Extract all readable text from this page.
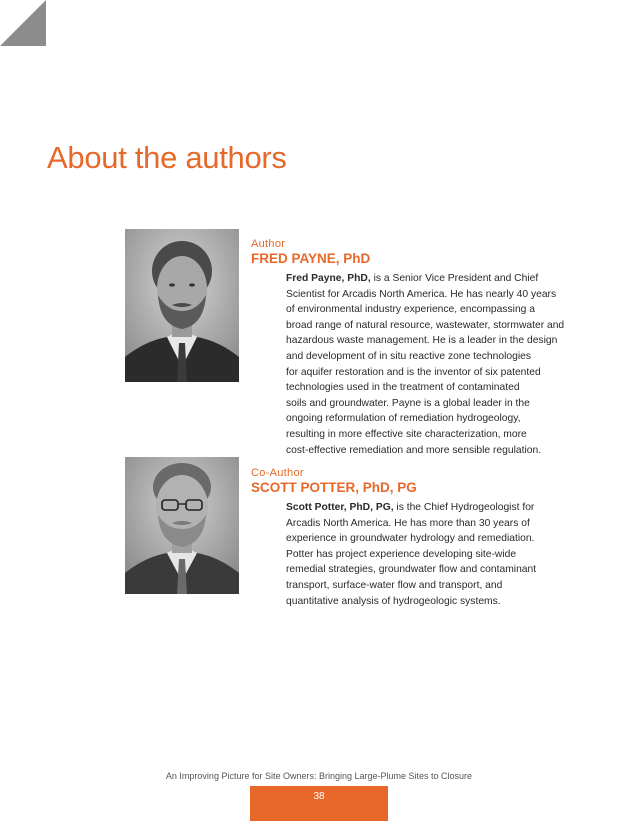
About the authors
Author
FRED PAYNE, PhD
Fred Payne, PhD, is a Senior Vice President and Chief
Scientist for Arcadis North America. He has nearly 40 years
of environmental industry experience, encompassing a
broad range of natural resource, wastewater, stormwater and
hazardous waste management. He is a leader in the design
and development of in situ reactive zone technologies
for aquifer restoration and is the inventor of six patented
technologies used in the treatment of contaminated
soils and groundwater. Payne is a global leader in the
ongoing reformulation of remediation hydrogeology,
resulting in more effective site characterization, more
cost-effective remediation and more sensible regulation.
Co-Author
SCOTT POTTER, PhD, PG
Scott Potter, PhD, PG, is the Chief Hydrogeologist for
Arcadis North America. He has more than 30 years of
experience in groundwater hydrology and remediation.
Potter has project experience developing site-wide
remedial strategies, groundwater flow and contaminant
transport, surface-water flow and transport, and
quantitative analysis of hydrogeologic systems.
An Improving Picture for Site Owners: Bringing Large-Plume Sites to Closure
38
